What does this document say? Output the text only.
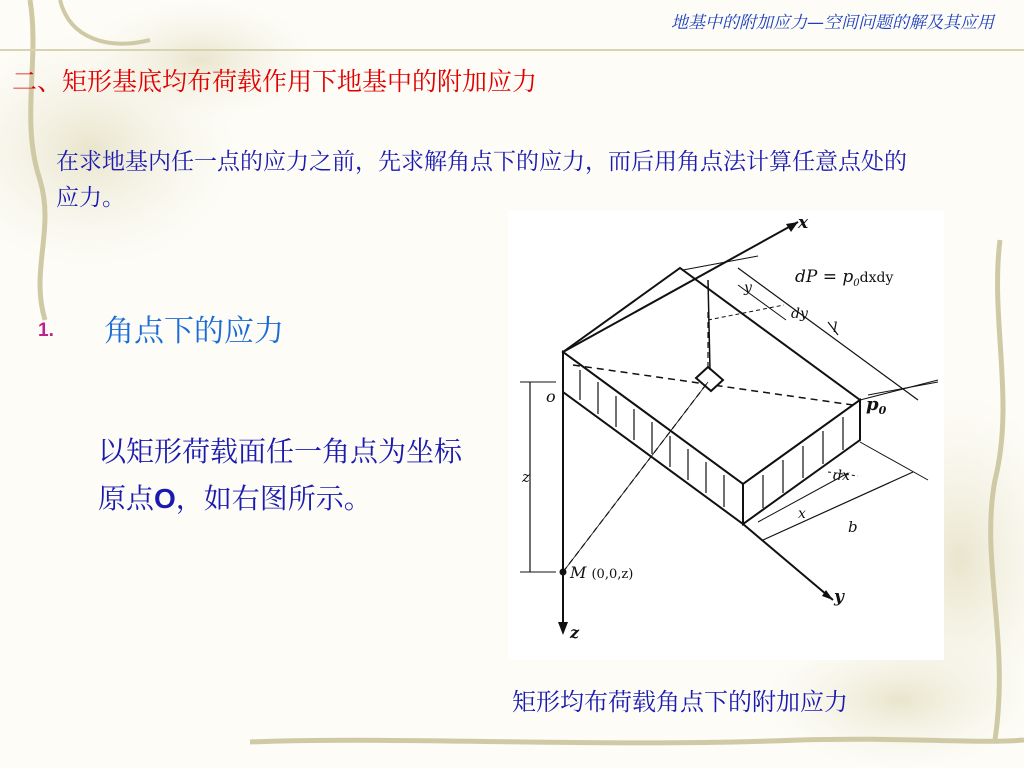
地基中的附加应力—空间问题的解及其应用
二、矩形基底均布荷载作用下地基中的附加应力
在求地基内任一点的应力之前，先求解角点下的应力，而后用角点法计算任意点处的应力。
1. 角点下的应力
以矩形荷载面任一角点为坐标原点O，如右图所示。
x
y
z
o
z
M (0,0,z)
dP = $p_0^{dxdy}$
$p_0$
dy
y
l
dx
x
b
矩形均布荷载角点下的附加应力
